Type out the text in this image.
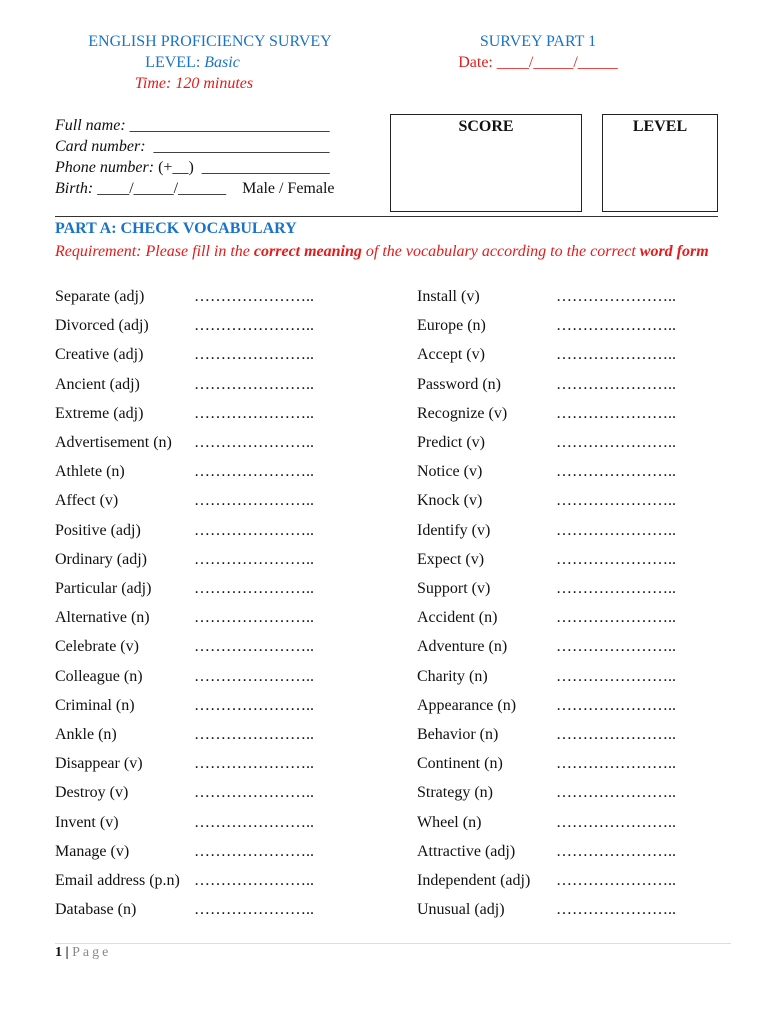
ENGLISH PROFICIENCY SURVEY
LEVEL: Basic
Time: 120 minutes
SURVEY PART 1
Date: ____/_____/_____
Full name: _________________________
Card number: ______________________
Phone number: (+__) ________________
Birth: ____/_____/______ Male / Female
SCORE	LEVEL
PART A: CHECK VOCABULARY
Requirement: Please fill in the correct meaning of the vocabulary according to the correct word form
Separate (adj)	…………………..
Divorced (adj)	…………………..
Creative (adj)	…………………..
Ancient (adj)	…………………..
Extreme (adj)	…………………..
Advertisement (n) …………………..
Athlete (n)	…………………..
Affect (v)	…………………..
Positive (adj)	…………………..
Ordinary (adj)	…………………..
Particular (adj)	…………………..
Alternative (n)	…………………..
Celebrate (v)	…………………..
Colleague (n)	…………………..
Criminal (n)	…………………..
Ankle (n)	…………………..
Disappear (v)	…………………..
Destroy (v)	…………………..
Invent (v)	…………………..
Manage (v)	…………………..
Email address (p.n) …………………..
Database (n)	…………………..
Install (v)	…………………..
Europe (n)	…………………..
Accept (v)	…………………..
Password (n)	…………………..
Recognize (v)	…………………..
Predict (v)	…………………..
Notice (v)	…………………..
Knock (v)	…………………..
Identify (v)	…………………..
Expect (v)	…………………..
Support (v)	…………………..
Accident (n)	…………………..
Adventure (n)	…………………..
Charity (n)	…………………..
Appearance (n) …………………..
Behavior (n)	…………………..
Continent (n)	…………………..
Strategy (n)	…………………..
Wheel (n)	…………………..
Attractive (adj)	…………………..
Independent (adj) …………………..
Unusual (adj)	…………………..
1 | Page
